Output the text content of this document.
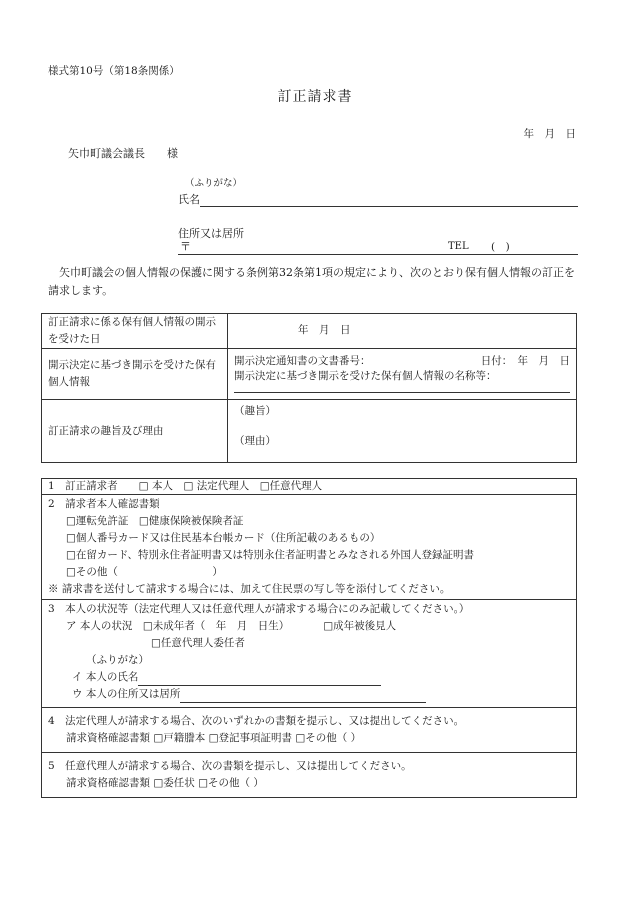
様式第10号（第18条関係）
訂正請求書
年　月　日
矢巾町議会議長 様
（ふりがな）
氏名
住所又は居所
〒	TEL (　)
矢巾町議会の個人情報の保護に関する条例第32条第1項の規定により、次のとおり保有個人情報の訂正を請求します。
訂正請求に係る保有個人情報の開示を受けた日	年　月　日
開示決定に基づき開示を受けた保有個人情報	開示決定通知書の文書番号： 日付：　年　月　日
開示決定に基づき開示を受けた保有個人情報の名称等：

訂正請求の趣旨及び理由	（趣旨）
（理由）
1　訂正請求者　　□ 本人　□ 法定代理人　□任意代理人

2　請求者本人確認書類
□運転免許証　□健康保険被保険者証
□個人番号カード又は住民基本台帳カード（住所記載のあるもの）
□在留カード、特別永住者証明書又は特別永住者証明書とみなされる外国人登録証明書
□その他（　　　　　　　　　）
※ 請求書を送付して請求する場合には、加えて住民票の写し等を添付してください。

3　本人の状況等（法定代理人又は任意代理人が請求する場合にのみ記載してください。）
ア 本人の状況　□未成年者（　年　月　日生）	□成年被後見人
□任意代理人委任者
（ふりがな）
イ 本人の氏名
ウ 本人の住所又は居所

4　法定代理人が請求する場合、次のいずれかの書類を提示し、又は提出してください。
請求資格確認書類 □戸籍謄本 □登記事項証明書 □その他（ ）

5　任意代理人が請求する場合、次の書類を提示し、又は提出してください。
請求資格確認書類 □委任状 □その他（ ）
